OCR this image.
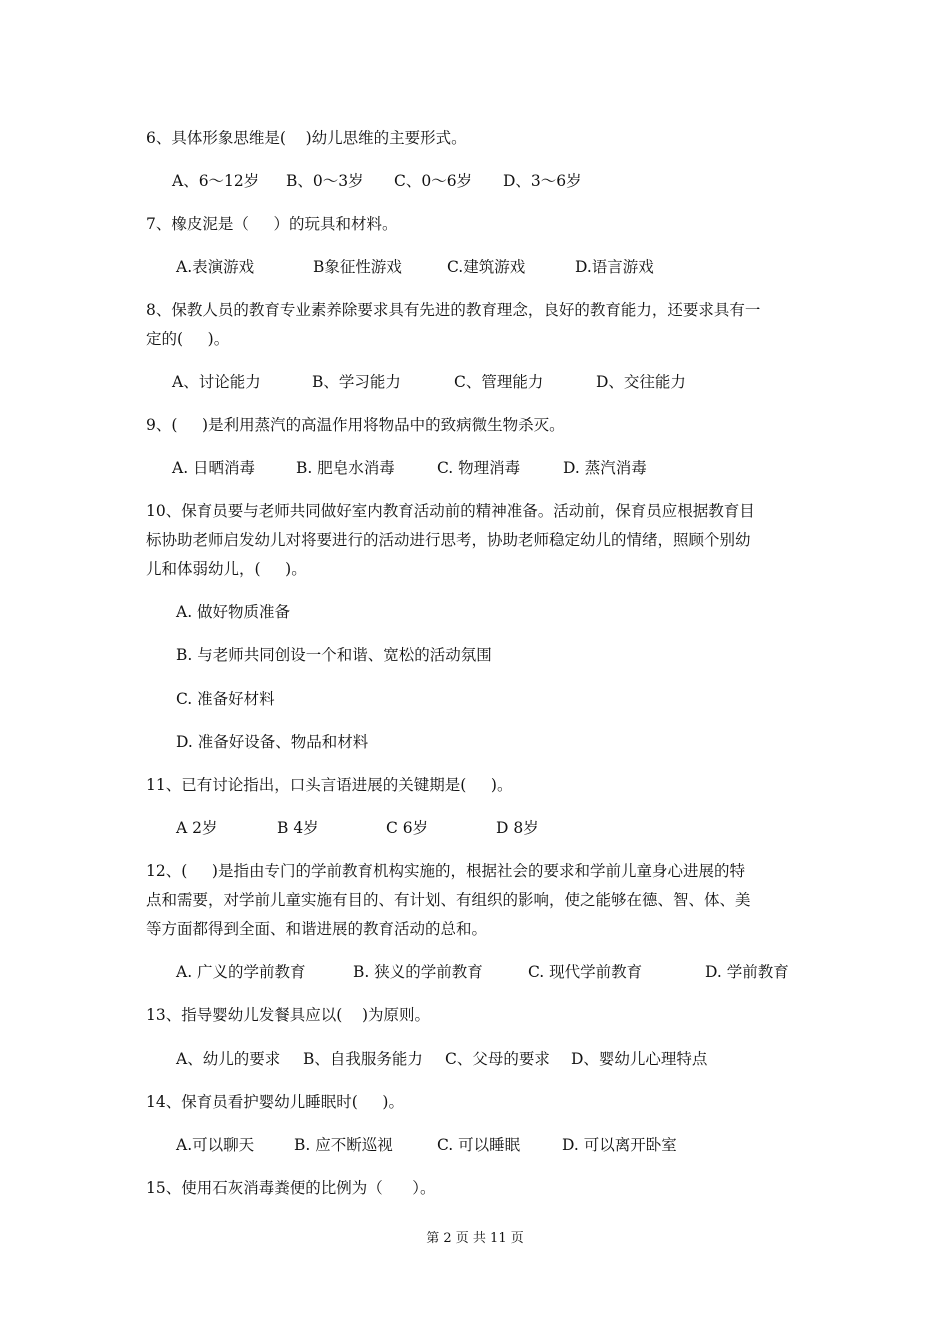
6、具体形象思维是(    )幼儿思维的主要形式。
A、6～12岁 B、0～3岁 C、0～6岁 D、3～6岁
7、橡皮泥是（     ）的玩具和材料。
A.表演游戏	B象征性游戏	C.建筑游戏	D.语言游戏
8、保教人员的教育专业素养除要求具有先进的教育理念，良好的教育能力，还要求具有一
定的(     )。
A、讨论能力	B、学习能力	C、管理能力	D、交往能力
9、(     )是利用蒸汽的高温作用将物品中的致病微生物杀灭。
A. 日晒消毒	B. 肥皂水消毒	C. 物理消毒	D. 蒸汽消毒
10、保育员要与老师共同做好室内教育活动前的精神准备。活动前，保育员应根据教育目
标协助老师启发幼儿对将要进行的活动进行思考，协助老师稳定幼儿的情绪，照顾个别幼
儿和体弱幼儿，(     )。
A. 做好物质准备
B. 与老师共同创设一个和谐、宽松的活动氛围
C. 准备好材料
D. 准备好设备、物品和材料
11、已有讨论指出，口头言语进展的关键期是(     )。
A 2岁	B 4岁	C 6岁	D 8岁
12、(     )是指由专门的学前教育机构实施的，根据社会的要求和学前儿童身心进展的特
点和需要，对学前儿童实施有目的、有计划、有组织的影响，使之能够在德、智、体、美
等方面都得到全面、和谐进展的教育活动的总和。
A. 广义的学前教育	B. 狭义的学前教育	C. 现代学前教育	D. 学前教育
13、指导婴幼儿发餐具应以(    )为原则。
A、幼儿的要求 B、自我服务能力 C、父母的要求 D、婴幼儿心理特点
14、保育员看护婴幼儿睡眠时(     )。
A.可以聊天	B. 应不断巡视	C. 可以睡眠	D. 可以离开卧室
15、使用石灰消毒粪便的比例为（      ）。
第 2 页 共 11 页
